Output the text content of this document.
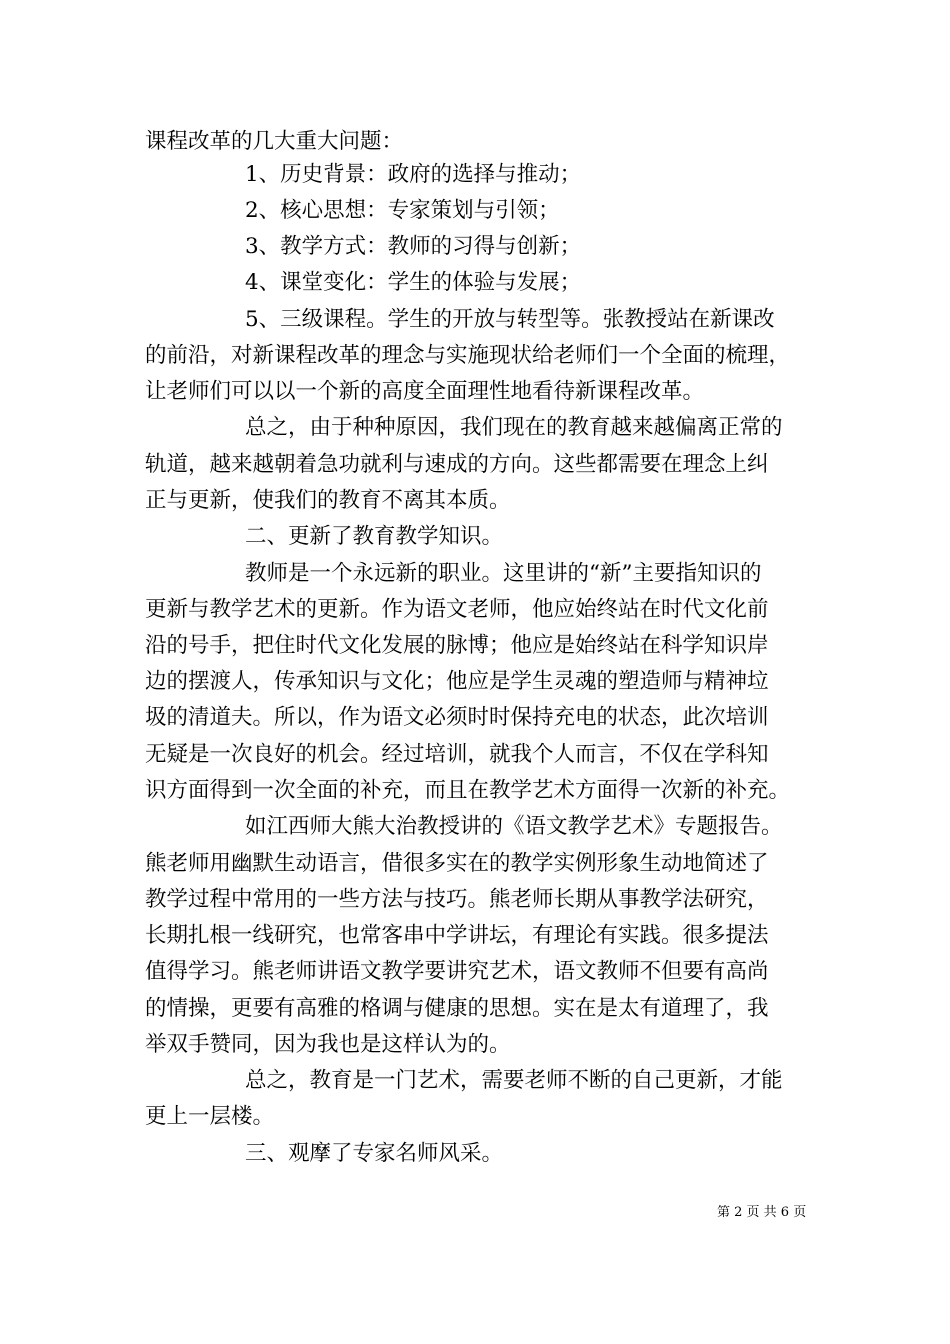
课程改革的几大重大问题：

1、历史背景：政府的选择与推动；

2、核心思想：专家策划与引领；

3、教学方式：教师的习得与创新；

4、课堂变化：学生的体验与发展；

5、三级课程。学生的开放与转型等。张教授站在新课改

的前沿，对新课程改革的理念与实施现状给老师们一个全面的梳理，

让老师们可以以一个新的高度全面理性地看待新课程改革。

总之，由于种种原因，我们现在的教育越来越偏离正常的

轨道，越来越朝着急功就利与速成的方向。这些都需要在理念上纠

正与更新，使我们的教育不离其本质。

二、更新了教育教学知识。

教师是一个永远新的职业。这里讲的“新”主要指知识的

更新与教学艺术的更新。作为语文老师，他应始终站在时代文化前

沿的号手，把住时代文化发展的脉博；他应是始终站在科学知识岸

边的摆渡人，传承知识与文化；他应是学生灵魂的塑造师与精神垃

圾的清道夫。所以，作为语文必须时时保持充电的状态，此次培训

无疑是一次良好的机会。经过培训，就我个人而言，不仅在学科知

识方面得到一次全面的补充，而且在教学艺术方面得一次新的补充。

如江西师大熊大治教授讲的《语文教学艺术》专题报告。

熊老师用幽默生动语言，借很多实在的教学实例形象生动地简述了

教学过程中常用的一些方法与技巧。熊老师长期从事教学法研究，

长期扎根一线研究，也常客串中学讲坛，有理论有实践。很多提法

值得学习。熊老师讲语文教学要讲究艺术，语文教师不但要有高尚

的情操，更要有高雅的格调与健康的思想。实在是太有道理了，我

举双手赞同，因为我也是这样认为的。

总之，教育是一门艺术，需要老师不断的自己更新，才能

更上一层楼。

三、观摩了专家名师风采。

第 2 页 共 6 页
